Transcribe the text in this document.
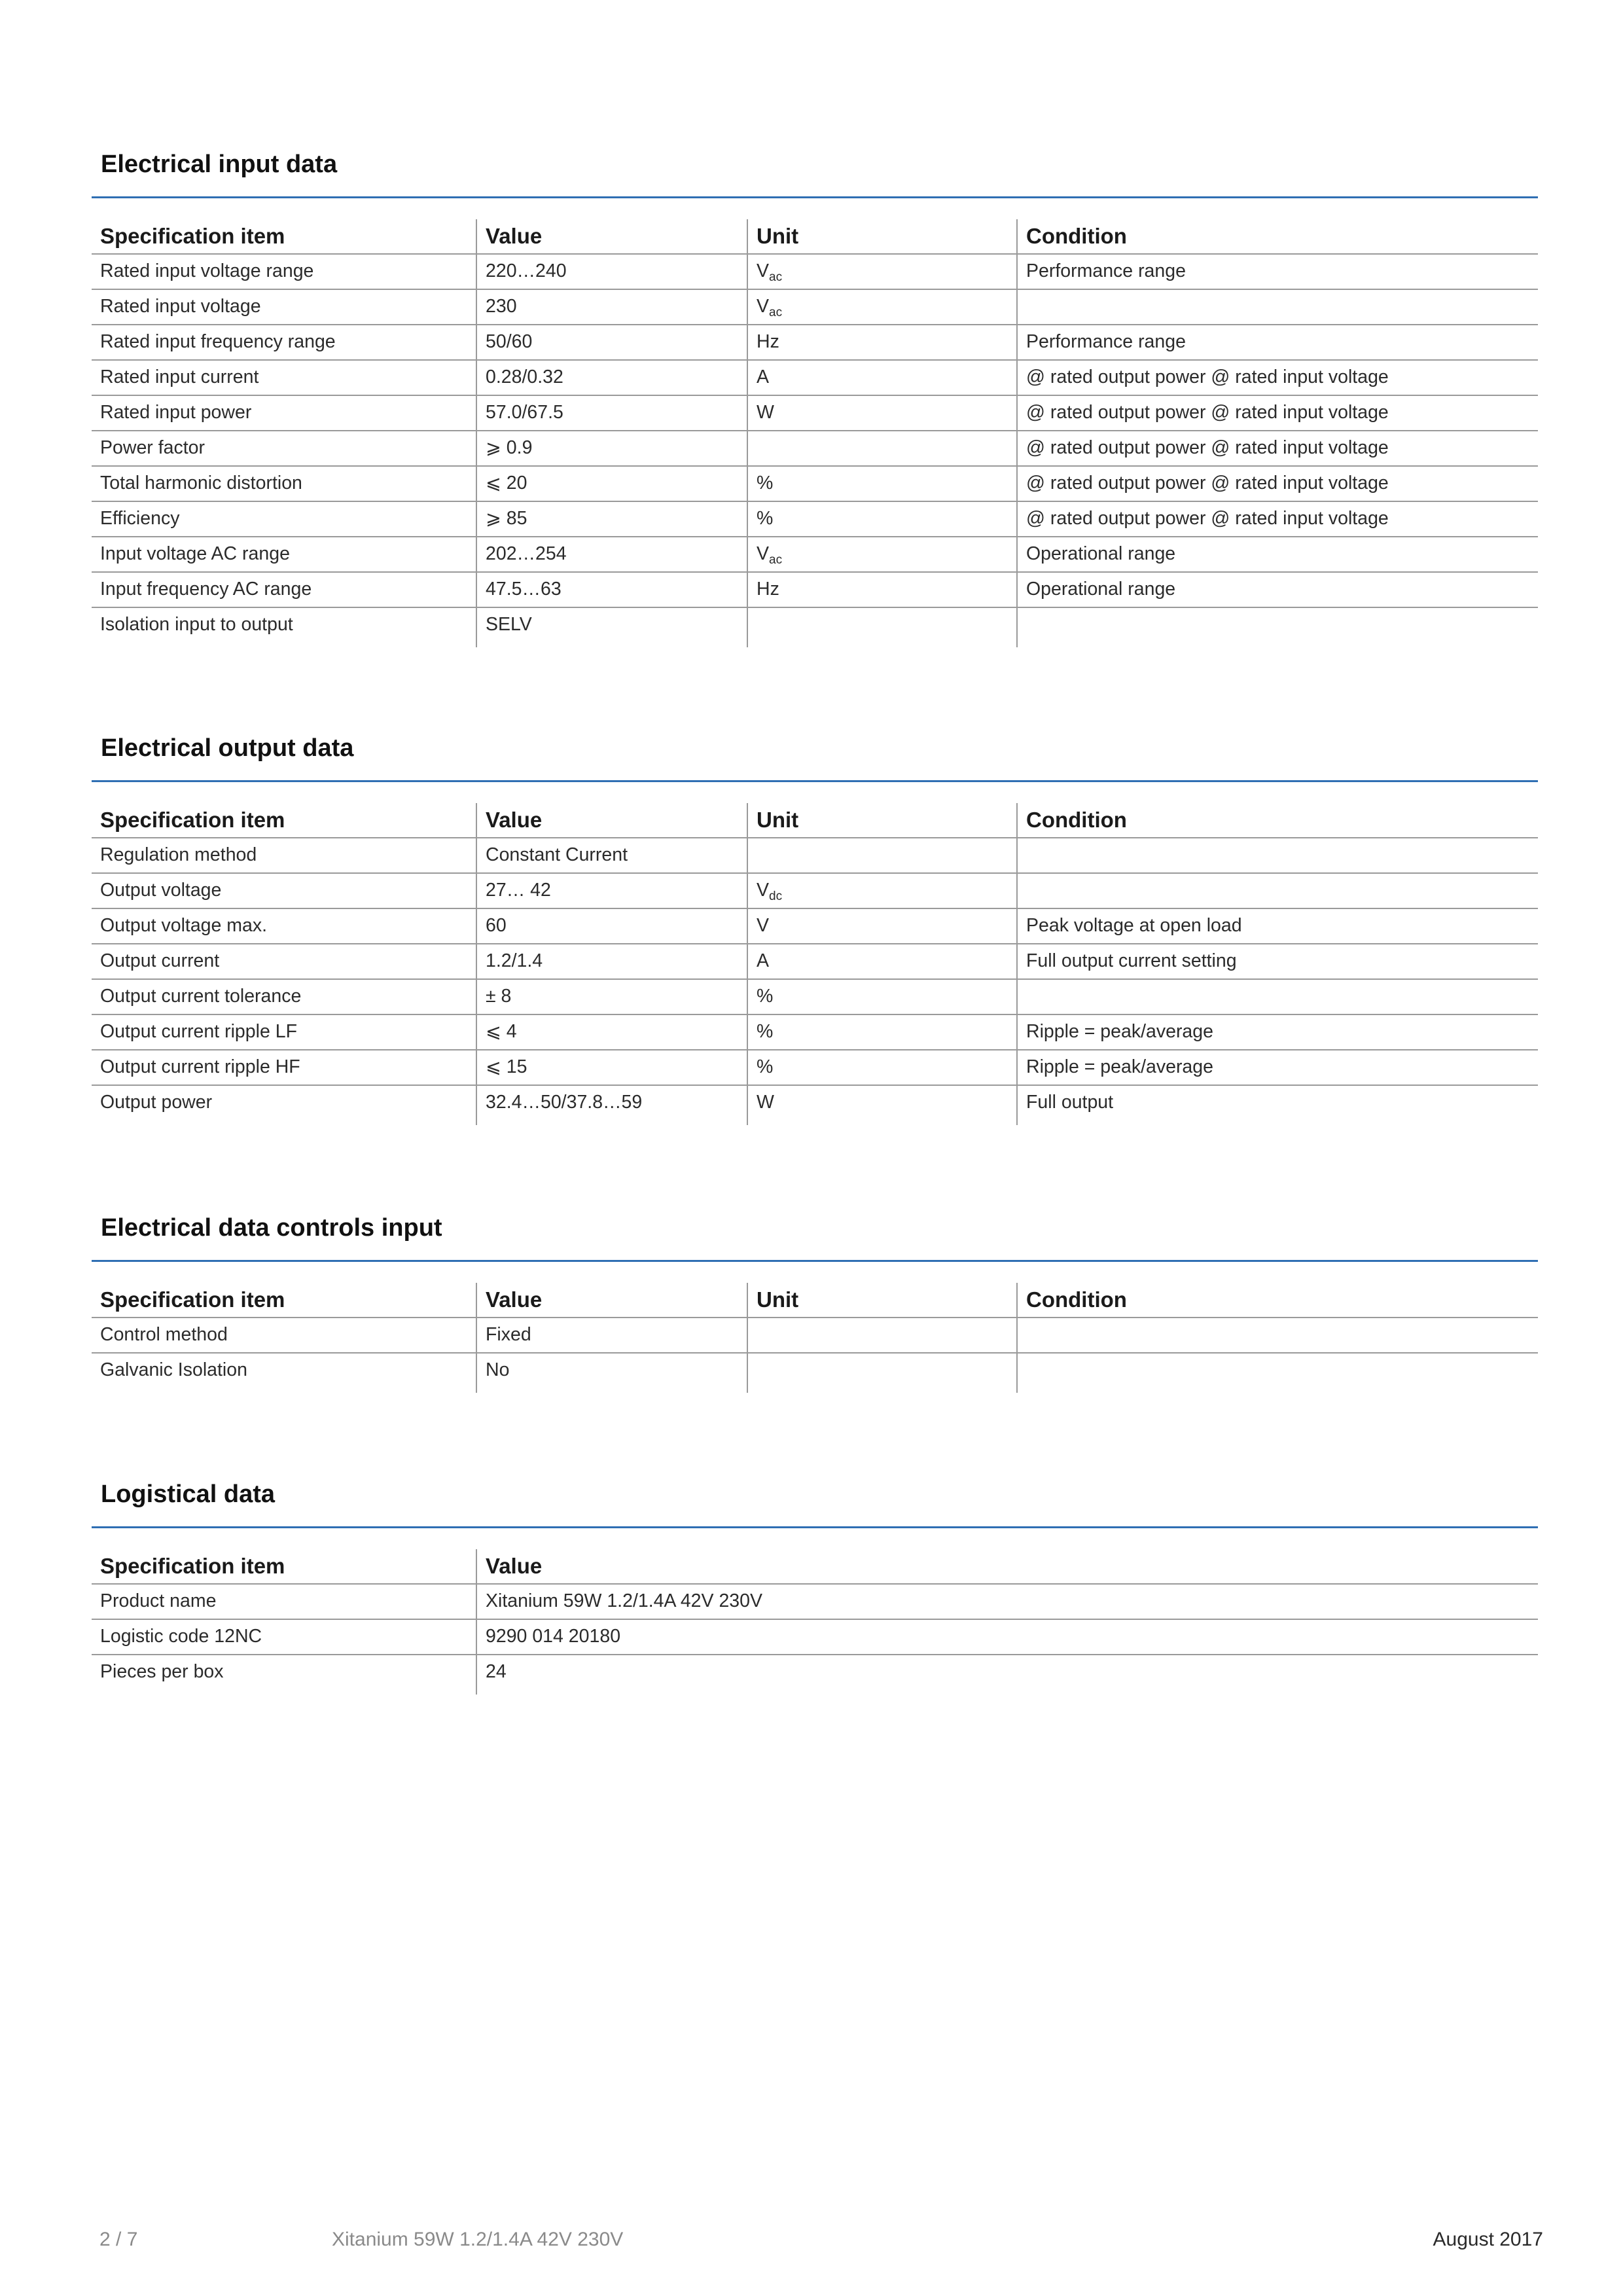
Electrical input data
Specification item	Value	Unit	Condition
Rated input voltage range	220…240	$V_{ac}$	Performance range
Rated input voltage	230	$V_{ac}$	
Rated input frequency range	50/60	Hz	Performance range
Rated input current	0.28/0.32	A	@ rated output power @ rated input voltage
Rated input power	57.0/67.5	W	@ rated output power @ rated input voltage
Power factor	⩾ 0.9		@ rated output power @ rated input voltage
Total harmonic distortion	⩽ 20	%	@ rated output power @ rated input voltage
Efficiency	⩾ 85	%	@ rated output power @ rated input voltage
Input voltage AC range	202…254	$V_{ac}$	Operational range
Input frequency AC range	47.5…63	Hz	Operational range
Isolation input to output	SELV		
Electrical output data
Specification item	Value	Unit	Condition
Regulation method	Constant Current		
Output voltage	27… 42	$V_{dc}$	
Output voltage max.	60	V	Peak voltage at open load
Output current	1.2/1.4	A	Full output current setting
Output current tolerance	± 8	%	
Output current ripple LF	⩽ 4	%	Ripple = peak/average
Output current ripple HF	⩽ 15	%	Ripple = peak/average
Output power	32.4…50/37.8…59	W	Full output
Electrical data controls input
Specification item	Value	Unit	Condition
Control method	Fixed		
Galvanic Isolation	No		
Logistical data
Specification item	Value
Product name	Xitanium 59W 1.2/1.4A 42V 230V
Logistic code 12NC	9290 014 20180
Pieces per box	24
2 / 7	Xitanium 59W 1.2/1.4A 42V 230V	August 2017
